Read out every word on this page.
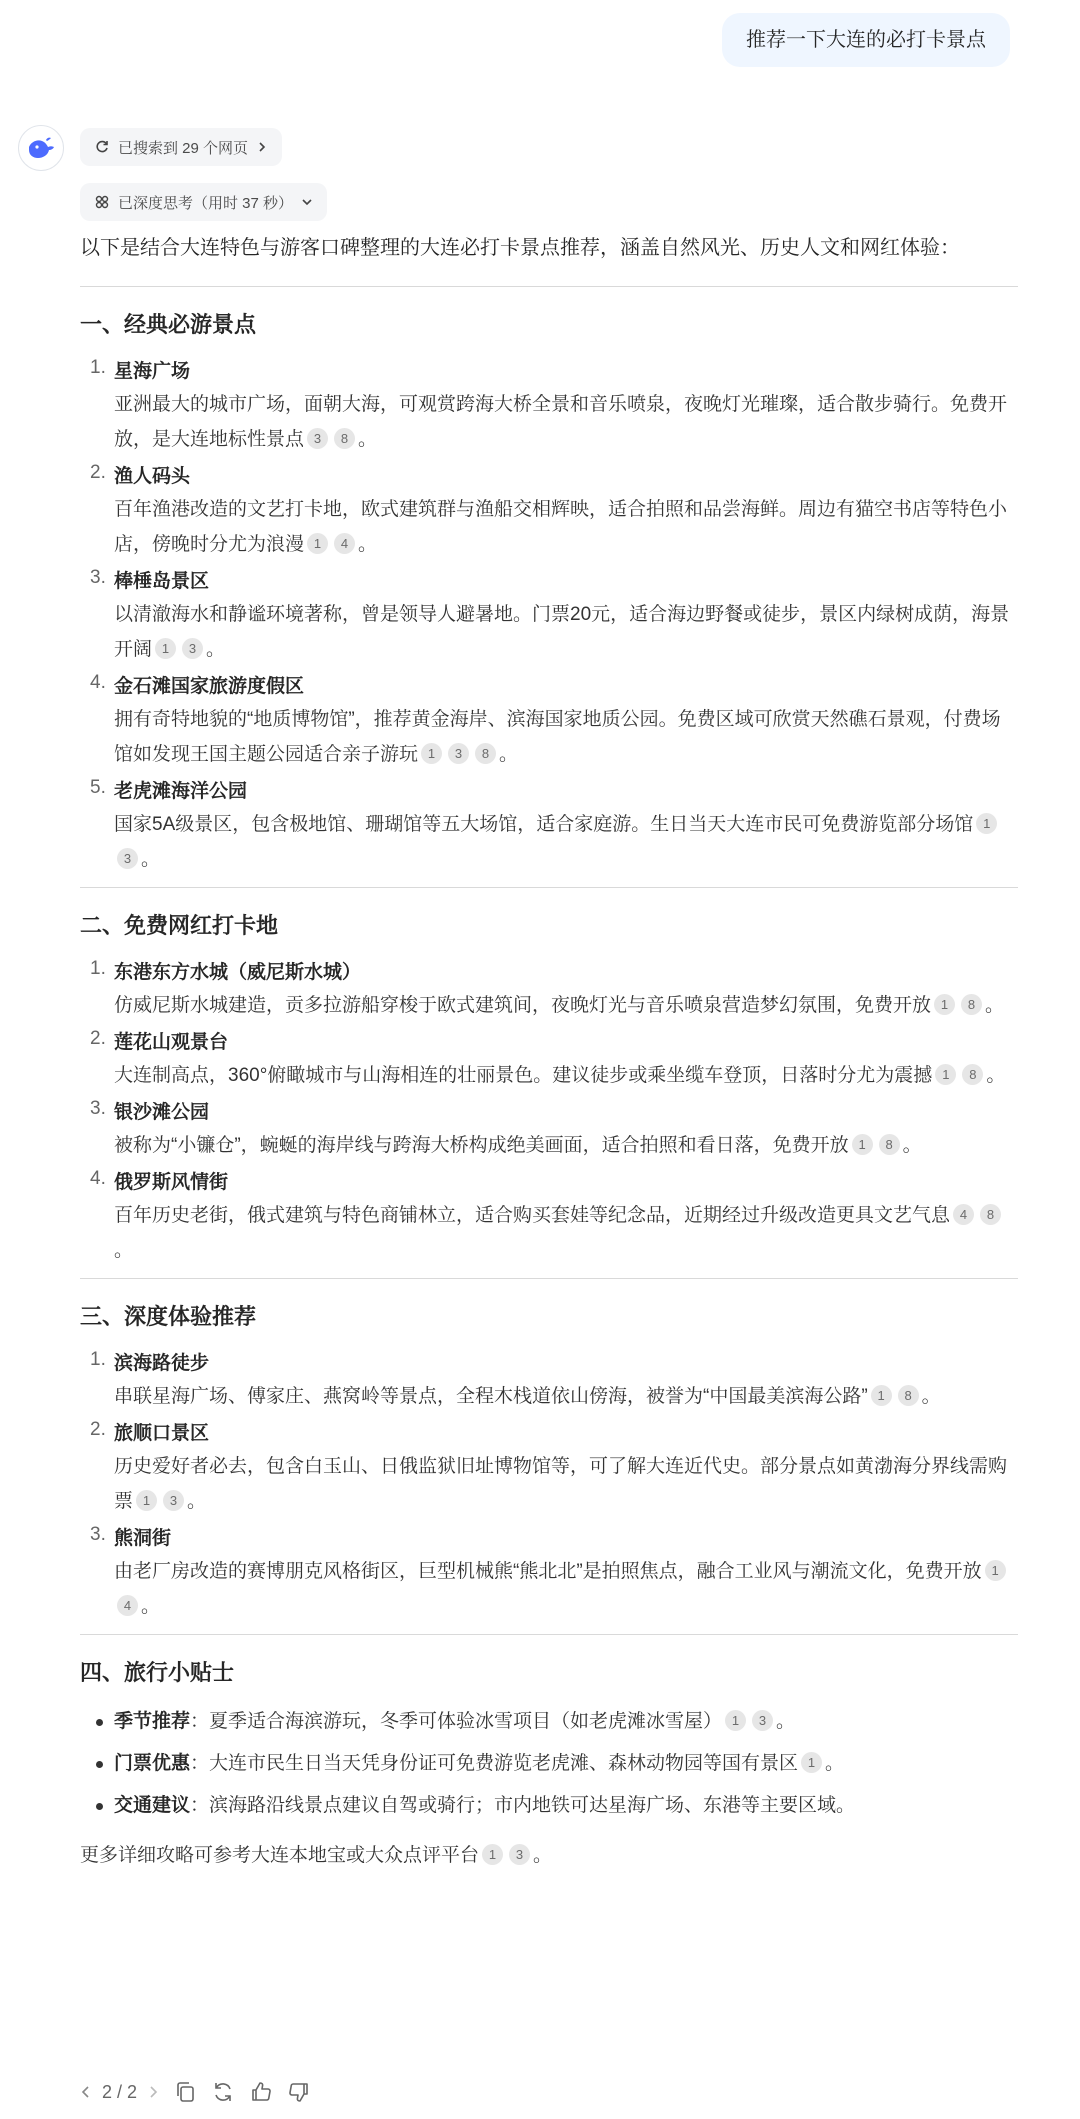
推荐一下大连的必打卡景点
已搜索到 29 个网页
已深度思考（用时 37 秒）

以下是结合大连特色与游客口碑整理的大连必打卡景点推荐，涵盖自然风光、历史人文和网红体验：

一、经典必游景点
1. 星海广场
亚洲最大的城市广场，面朝大海，可观赏跨海大桥全景和音乐喷泉，夜晚灯光璀璨，适合散步骑行。免费开放，是大连地标性景点 3 8 。
2. 渔人码头
百年渔港改造的文艺打卡地，欧式建筑群与渔船交相辉映，适合拍照和品尝海鲜。周边有猫空书店等特色小店，傍晚时分尤为浪漫 1 4 。
3. 棒棰岛景区
以清澈海水和静谧环境著称，曾是领导人避暑地。门票20元，适合海边野餐或徒步，景区内绿树成荫，海景开阔 1 3 。
4. 金石滩国家旅游度假区
拥有奇特地貌的“地质博物馆”，推荐黄金海岸、滨海国家地质公园。免费区域可欣赏天然礁石景观，付费场馆如发现王国主题公园适合亲子游玩 1 3 8 。
5. 老虎滩海洋公园
国家5A级景区，包含极地馆、珊瑚馆等五大场馆，适合家庭游。生日当天大连市民可免费游览部分场馆 13 。
二、免费网红打卡地
1. 东港东方水城（威尼斯水城）
仿威尼斯水城建造，贡多拉游船穿梭于欧式建筑间，夜晚灯光与音乐喷泉营造梦幻氛围，免费开放 1 8 。
2. 莲花山观景台
大连制高点，360°俯瞰城市与山海相连的壮丽景色。建议徒步或乘坐缆车登顶，日落时分尤为震撼 1 8 。
3. 银沙滩公园
被称为“小镰仓”，蜿蜒的海岸线与跨海大桥构成绝美画面，适合拍照和看日落，免费开放 1 8 。
4. 俄罗斯风情街
百年历史老街，俄式建筑与特色商铺林立，适合购买套娃等纪念品，近期经过升级改造更具文艺气息 4 8。
三、深度体验推荐
1. 滨海路徒步
串联星海广场、傅家庄、燕窝岭等景点，全程木栈道依山傍海，被誉为“中国最美滨海公路” 1 8 。
2. 旅顺口景区
历史爱好者必去，包含白玉山、日俄监狱旧址博物馆等，可了解大连近代史。部分景点如黄渤海分界线需购票 1 3 。
3. 熊洞街
由老厂房改造的赛博朋克风格街区，巨型机械熊“熊北北”是拍照焦点，融合工业风与潮流文化，免费开放 14 。
四、旅行小贴士
季节推荐：夏季适合海滨游玩，冬季可体验冰雪项目（如老虎滩冰雪屋） 1 3 。
门票优惠：大连市民生日当天凭身份证可免费游览老虎滩、森林动物园等国有景区 1 。
交通建议：滨海路沿线景点建议自驾或骑行；市内地铁可达星海广场、东港等主要区域。
更多详细攻略可参考大连本地宝或大众点评平台 1 3 。
2 / 2
